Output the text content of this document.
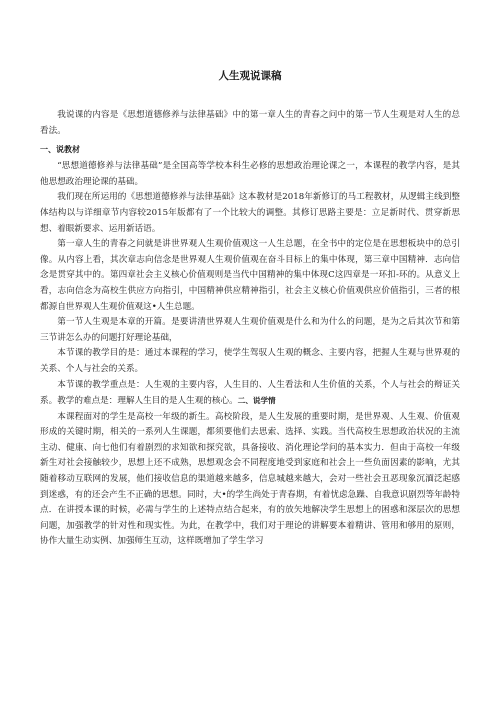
人生观说课稿

我说课的内容是《思想道德修养与法律基础》中的第一章人生的青春之问中的第一节人生观是对人生的总看法。

一、说教材

“思想道德修养与法律基础”是全国高等学校本科生必修的思想政治理论课之一，本课程的教学内容，是其他思想政治理论课的基础。

我们现在所运用的《思想道德修养与法律基础》这本教材是2018年新修订的马工程教材，从逻辑主线到整体结构以与详细章节内容较2015年版都有了一个比较大的调整。其修订思路主要是：立足新时代、贯穿新思想、着眼新要求、运用新话语。

第一章人生的青春之问就是讲世界观人生观价值观这一人生总题，在全书中的定位是在思想板块中的总引像。从内容上看，其次章志向信念是世界观人生观价值观在奋斗目标上的集中体现，第三章中国精神．志向信念是贯穿其中的。第四章社会主义核心价值观则是当代中国精神的集中体现C这四章是一环扣-环的。从意义上看，志向信念为高校生供应方向指引，中国精神供应精神指引，社会主义核心价值观供应价值指引，三者的根都源自世界观人生观价值观这•人生总题。

第一节人生观是本章的开篇。是要讲清世界观人生观价值观是什么和为什么的问题，是为之后其次节和第三节讲怎么办的问题打好理论基础，

本节课的教学目的是：通过本课程的学习，使学生驾驭人生观的概念、主要内容，把握人生观与世界观的关系、个人与社会的关系。

本节课的教学重点是：人生观的主要内容，人生目的、人生看法和人生价值的关系，个人与社会的辩证关系。教学的难点是：理解人生目的是人生观的核心。二、说学情

本课程面对的学生是高校一年级的新生。高校阶段，是人生发展的重要时期，是世界观、人生观、价值观形成的关键时期，相关的一系列人生课题，都须要他们去思索、选择、实践。当代高校生思想政治状况的主流主动、健康、向七他们有着剧烈的求知欲和探究欲，具备接收、消化理论学问的基本实力．但由于高校一年级新生对社会接触较少，思想上还不成熟，思想观念会不同程度地受到家庭和社会上一些负面因素的影响，尤其随着移动互联网的发展，他们接收信息的渠道越来越多，信息城越来越大，会对一些社会丑恶现象沉湎泛起感到迷惑，有的还会产生不正确的思想。同时，大•的学生尚处于青春期，有着忧虑急躁、自我意识剧烈等年龄特点．在讲授本课的时候，必需与学生的上述特点结合起来，有的放矢地解决学生思想上的困惑和深层次的思想问题，加强教学的针对性和现实性。为此，在教学中，我们对于理论的讲解要本着精讲、管用和够用的原则，协作大量生动实例、加强师生互动，这样既增加了学生学习
